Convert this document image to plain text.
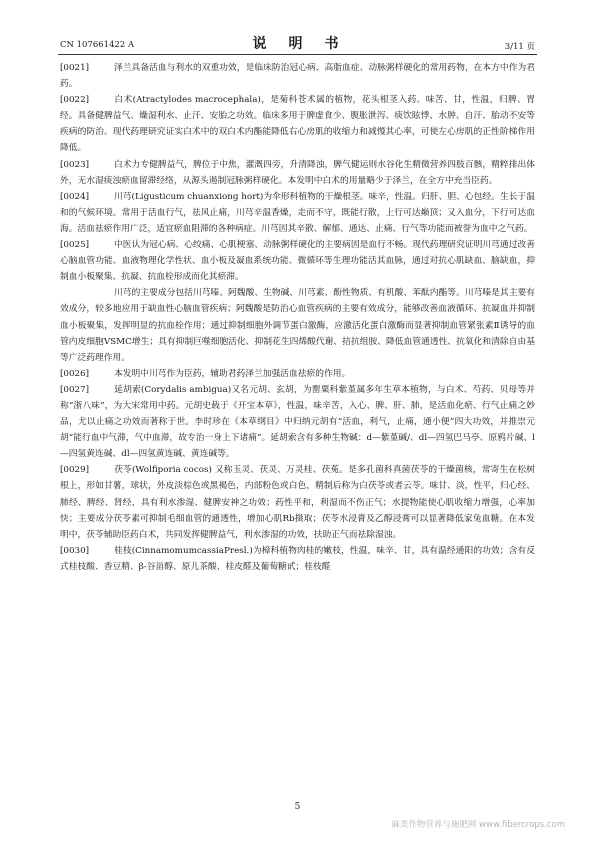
CN 107661422 A	说　明　书	3/11 页

[0021]	泽兰具备活血与利水的双重功效，是临床防治冠心病、高脂血症、动脉粥样硬化的常用药物，在本方中作为君药。

[0022]	白术(Atractylodes macrocephala)，是菊科苍术属的植物，花头根茎入药。味苦、甘，性温，归脾、胃经。具备健脾益气、燥湿利水、止汗、安胎之功效。临床多用于脾虚食少、腹胀泄泻、痰饮眩悸、水肿、自汗、胎动不安等疾病的防治。现代药理研究证实白术中的双白术内酯能降低右心房肌的收缩力和减慢其心率，可使左心房肌的正性阶梯作用降低。

[0023]	白术力专健脾益气，脾位于中焦，灌溉四旁，升清降浊，脾气健运则水谷化生精微营养四肢百骸，精粹排出体外，无水湿痰浊瘀血留滞经络，从源头遏制冠脉粥样硬化。本发明中白术的用量略少于泽兰，在全方中充当臣药。

[0024]	川芎(Ligusticum chuanxiong hort)为伞形科植物的干燥根茎。味辛，性温。归肝、胆、心包经。生长于温和的气候环境。常用于活血行气，祛风止痛，川芎辛温香燥，走而不守，既能行散，上行可达巅顶；又入血分，下行可达血海。活血祛瘀作用广泛，适宜瘀血阻滞的各种病症。川芎因其辛散、解郁、通达、止痛、行气等功能而被誉为血中之气药。

[0025]	中医认为冠心病、心绞痛、心肌梗塞、动脉粥样硬化的主要病因是血行不畅。现代药理研究证明川芎通过改善心脑血管功能、血液物理化学性状、血小板及凝血系统功能、微循环等生理功能活其血脉，通过对抗心肌缺血、脑缺血，抑制血小板聚集、抗凝、抗血栓形成而化其瘀滞。

川芎的主要成分包括川芎嗪、阿魏酸、生物碱、川芎素、酚性物质、有机酸、苯酞内酯等。川芎嗪是其主要有效成分，较多地应用于缺血性心脑血管疾病；阿魏酸是防治心血管疾病的主要有效成分，能够改善血液循环、抗凝血并抑制血小板聚集，发挥明显的抗血栓作用；通过抑制细胞外调节蛋白激酶，应激活化蛋白激酶而显著抑制血管紧张素Ⅱ诱导的血管内皮细胞VSMC增生；具有抑制巨噬细胞活化、抑制花生四烯酸代谢、拮抗组胺、降低血管通透性、抗氧化和清除自由基等广泛药理作用。

[0026]	本发明中川芎作为臣药，辅助君药泽兰加强活血祛瘀的作用。

[0027]	延胡索(Corydalis ambigua)又名元胡、玄胡，为罂粟科紫堇属多年生草本植物，与白术、芍药、贝母等并称“浙八味”，为大宋常用中药。元胡史载于《开宝本草》，性温，味辛苦，入心、脾、肝、肺，是活血化瘀、行气止痛之妙品，尤以止痛之功效而著称于世。李时珍在《本草纲目》中归纳元胡有“活血，利气，止痛，通小便”四大功效，并推崇元胡“能行血中气滞，气中血滞，故专治一身上下诸痛”。延胡索含有多种生物碱：d—紫堇碱/、dl—四氢巴马亭、原鸦片碱、l—四氢黄连碱、dl—四氢黄连碱、黄连碱等。

[0029]	茯苓(Wolfiporia cocos) 又称玉灵、茯灵、万灵桂、茯菟。是多孔菌科真菌茯苓的干燥菌核，常寄生在松树根上，形如甘薯，球状，外皮淡棕色或黑褐色，内部粉色或白色，精制后称为白茯苓或者云苓。味甘、淡，性平，归心经、肺经、脾经、肾经，具有利水渗湿、健脾安神之功效；药性平和，利湿而不伤正气；水提物能使心肌收缩力增强，心率加快；主要成分茯苓素可抑制毛细血管的通透性，增加心肌Rb摄取；茯苓水浸膏及乙醇浸膏可以显著降低家兔血糖。在本发明中，茯苓辅助臣药白术，共同发挥健脾益气，利水渗湿的功效，扶助正气而祛除湿浊。

[0030]	桂枝(CinnamomumcassiaPresl.)为樟科植物肉桂的嫩枝，性温，味辛、甘，具有温经通阳的功效；含有反式桂枝酸、香豆精、β-谷甾醇、原儿茶酸、桂皮醛及葡萄糖甙；桂枝醛

5
麻类作物营养与施肥网 www.fibercrops.com
